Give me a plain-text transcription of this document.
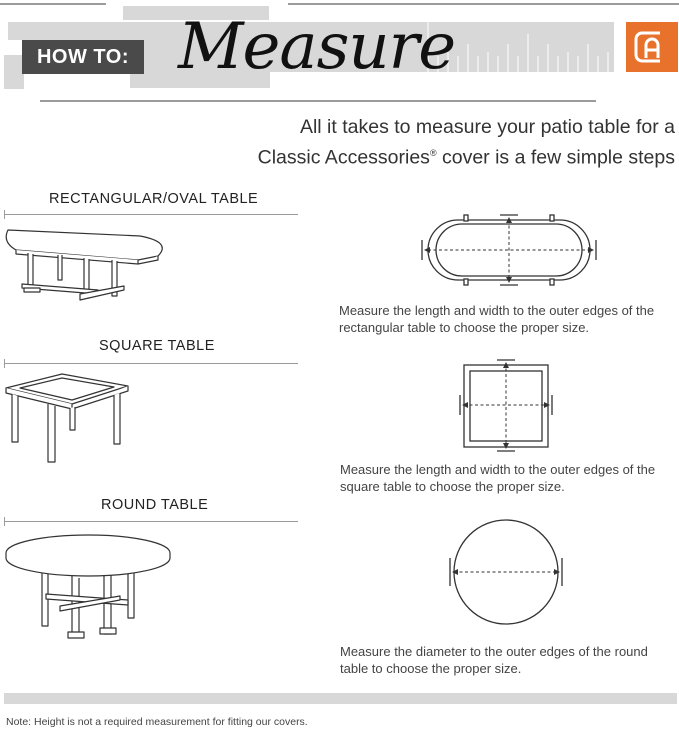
HOW TO: Measure
All it takes to measure your patio table for a
Classic Accessories® cover is a few simple steps
RECTANGULAR/OVAL TABLE
Measure the length and width to the outer edges of the
rectangular table to choose the proper size.
SQUARE TABLE
Measure the length and width to the outer edges of the
square table to choose the proper size.
ROUND TABLE
Measure the diameter to the outer edges of the round
table to choose the proper size.
Note: Height is not a required measurement for fitting our covers.
